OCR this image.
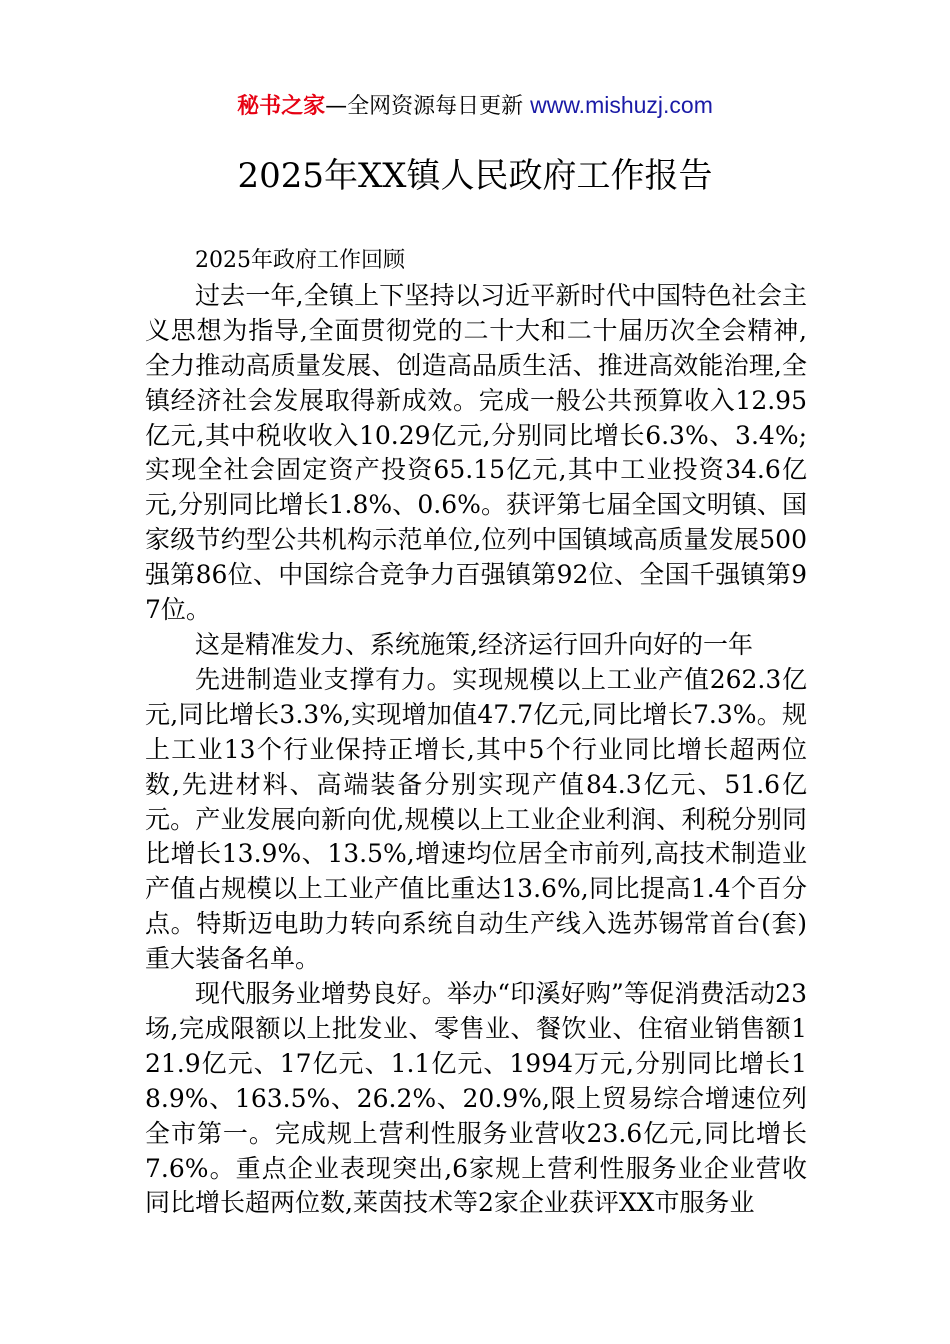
秘书之家—全网资源每日更新 www.mishuzj.com
2025年XX镇人民政府工作报告

2025年政府工作回顾

过去一年,全镇上下坚持以习近平新时代中国特色社会主义思想为指导,全面贯彻党的二十大和二十届历次全会精神,全力推动高质量发展、创造高品质生活、推进高效能治理,全镇经济社会发展取得新成效。完成一般公共预算收入12.95亿元,其中税收收入10.29亿元,分别同比增长6.3%、3.4%;实现全社会固定资产投资65.15亿元,其中工业投资34.6亿元,分别同比增长1.8%、0.6%。获评第七届全国文明镇、国家级节约型公共机构示范单位,位列中国镇域高质量发展500强第86位、中国综合竞争力百强镇第92位、全国千强镇第97位。

这是精准发力、系统施策,经济运行回升向好的一年

先进制造业支撑有力。实现规模以上工业产值262.3亿元,同比增长3.3%,实现增加值47.7亿元,同比增长7.3%。规上工业13个行业保持正增长,其中5个行业同比增长超两位数,先进材料、高端装备分别实现产值84.3亿元、51.6亿元。产业发展向新向优,规模以上工业企业利润、利税分别同比增长13.9%、13.5%,增速均位居全市前列,高技术制造业产值占规模以上工业产值比重达13.6%,同比提高1.4个百分点。特斯迈电助力转向系统自动生产线入选苏锡常首台(套)重大装备名单。

现代服务业增势良好。举办“印溪好购”等促消费活动23场,完成限额以上批发业、零售业、餐饮业、住宿业销售额121.9亿元、17亿元、1.1亿元、1994万元,分别同比增长18.9%、163.5%、26.2%、20.9%,限上贸易综合增速位列全市第一。完成规上营利性服务业营收23.6亿元,同比增长7.6%。重点企业表现突出,6家规上营利性服务业企业营收同比增长超两位数,莱茵技术等2家企业获评XX市服务业
